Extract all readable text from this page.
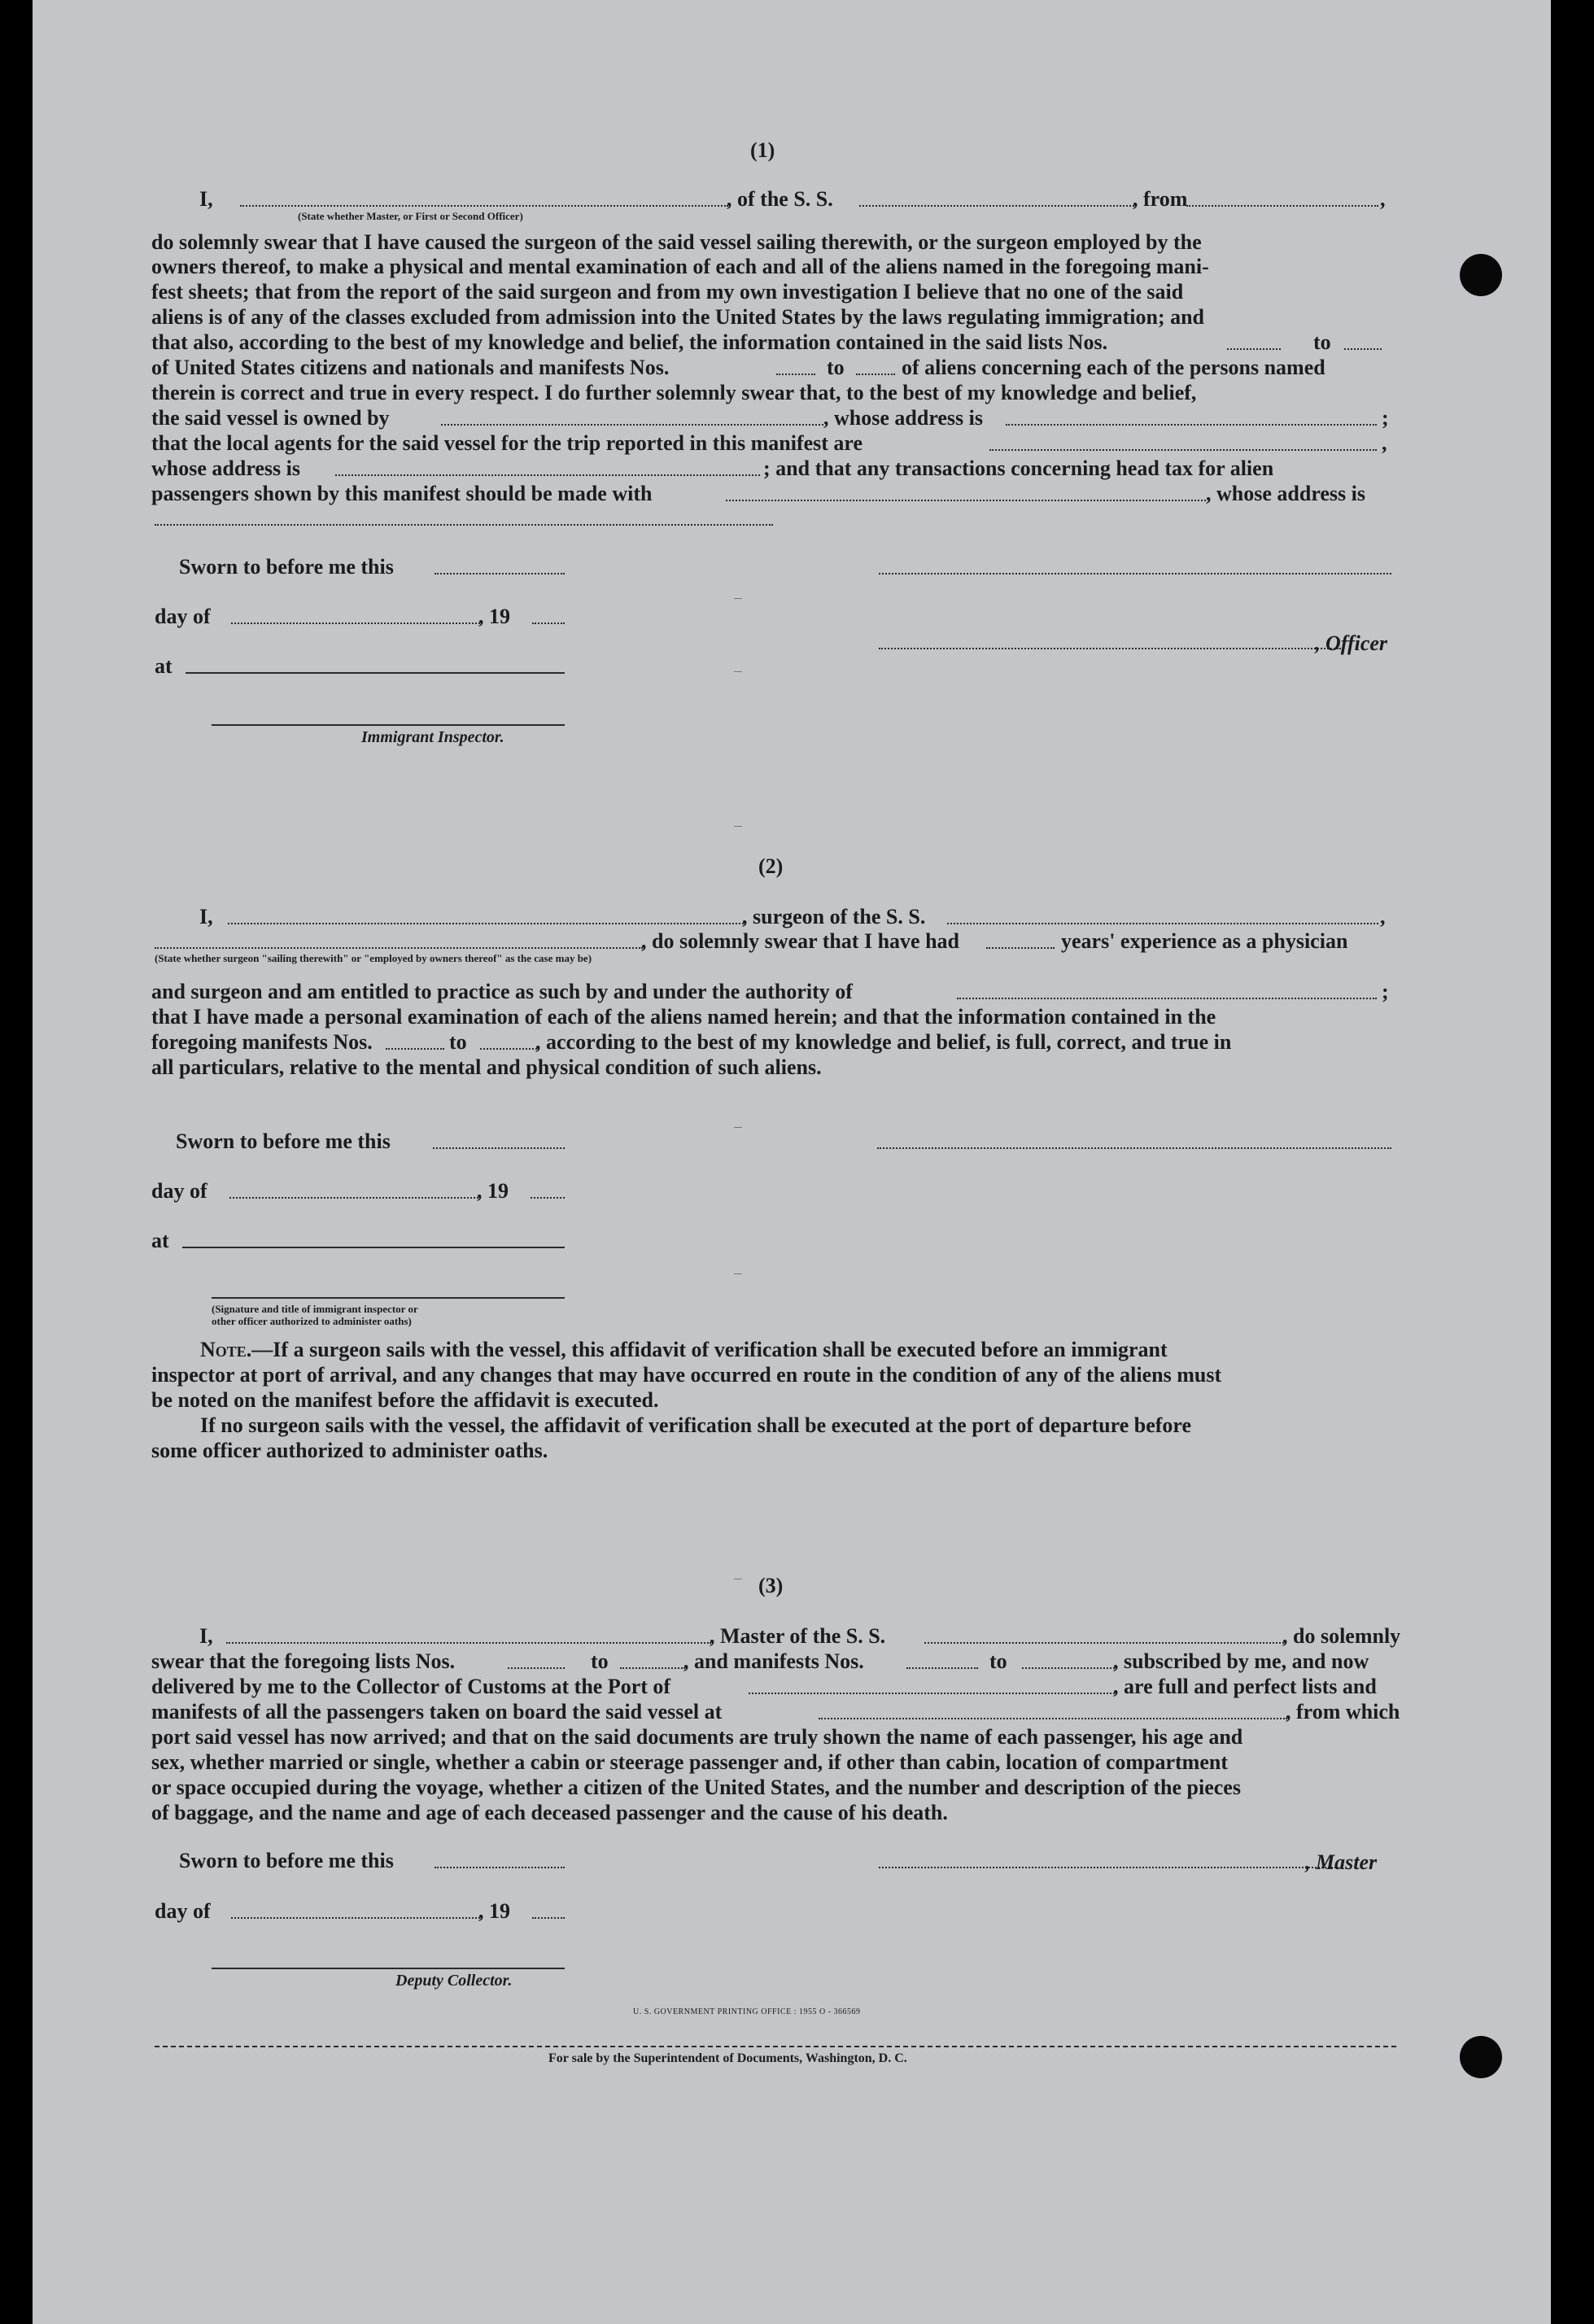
(1)
I,	, of the S. S.	, from	,
(State whether Master, or First or Second Officer)
do solemnly swear that I have caused the surgeon of the said vessel sailing therewith, or the surgeon employed by the
owners thereof, to make a physical and mental examination of each and all of the aliens named in the foregoing mani-
fest sheets; that from the report of the said surgeon and from my own investigation I believe that no one of the said
aliens is of any of the classes excluded from admission into the United States by the laws regulating immigration; and
that also, according to the best of my knowledge and belief, the information contained in the said lists Nos.	to
of United States citizens and nationals and manifests Nos.	to	of aliens concerning each of the persons named
therein is correct and true in every respect. I do further solemnly swear that, to the best of my knowledge and belief,
the said vessel is owned by	, whose address is	;
that the local agents for the said vessel for the trip reported in this manifest are	,
whose address is	; and that any transactions concerning head tax for alien
passengers shown by this manifest should be made with	, whose address is
Sworn to before me this
day of	, 19
, Officer
at
Immigrant Inspector.
(2)
I,	, surgeon of the S. S.	,
, do solemnly swear that I have had	years' experience as a physician
(State whether surgeon "sailing therewith" or "employed by owners thereof" as the case may be)
and surgeon and am entitled to practice as such by and under the authority of	;
that I have made a personal examination of each of the aliens named herein; and that the information contained in the
foregoing manifests Nos.	to	, according to the best of my knowledge and belief, is full, correct, and true in
all particulars, relative to the mental and physical condition of such aliens.
Sworn to before me this
day of	, 19
at
(Signature and title of immigrant inspector or
other officer authorized to administer oaths)
Note.—If a surgeon sails with the vessel, this affidavit of verification shall be executed before an immigrant
inspector at port of arrival, and any changes that may have occurred en route in the condition of any of the aliens must
be noted on the manifest before the affidavit is executed.
If no surgeon sails with the vessel, the affidavit of verification shall be executed at the port of departure before
some officer authorized to administer oaths.
(3)
I,	, Master of the S. S.	, do solemnly
swear that the foregoing lists Nos.	to	, and manifests Nos.	to	, subscribed by me, and now
delivered by me to the Collector of Customs at the Port of	, are full and perfect lists and
manifests of all the passengers taken on board the said vessel at	, from which
port said vessel has now arrived; and that on the said documents are truly shown the name of each passenger, his age and
sex, whether married or single, whether a cabin or steerage passenger and, if other than cabin, location of compartment
or space occupied during the voyage, whether a citizen of the United States, and the number and description of the pieces
of baggage, and the name and age of each deceased passenger and the cause of his death.
Sworn to before me this	, Master
day of	, 19
Deputy Collector.
U. S. GOVERNMENT PRINTING OFFICE : 1955 O - 366569
For sale by the Superintendent of Documents, Washington, D. C.
